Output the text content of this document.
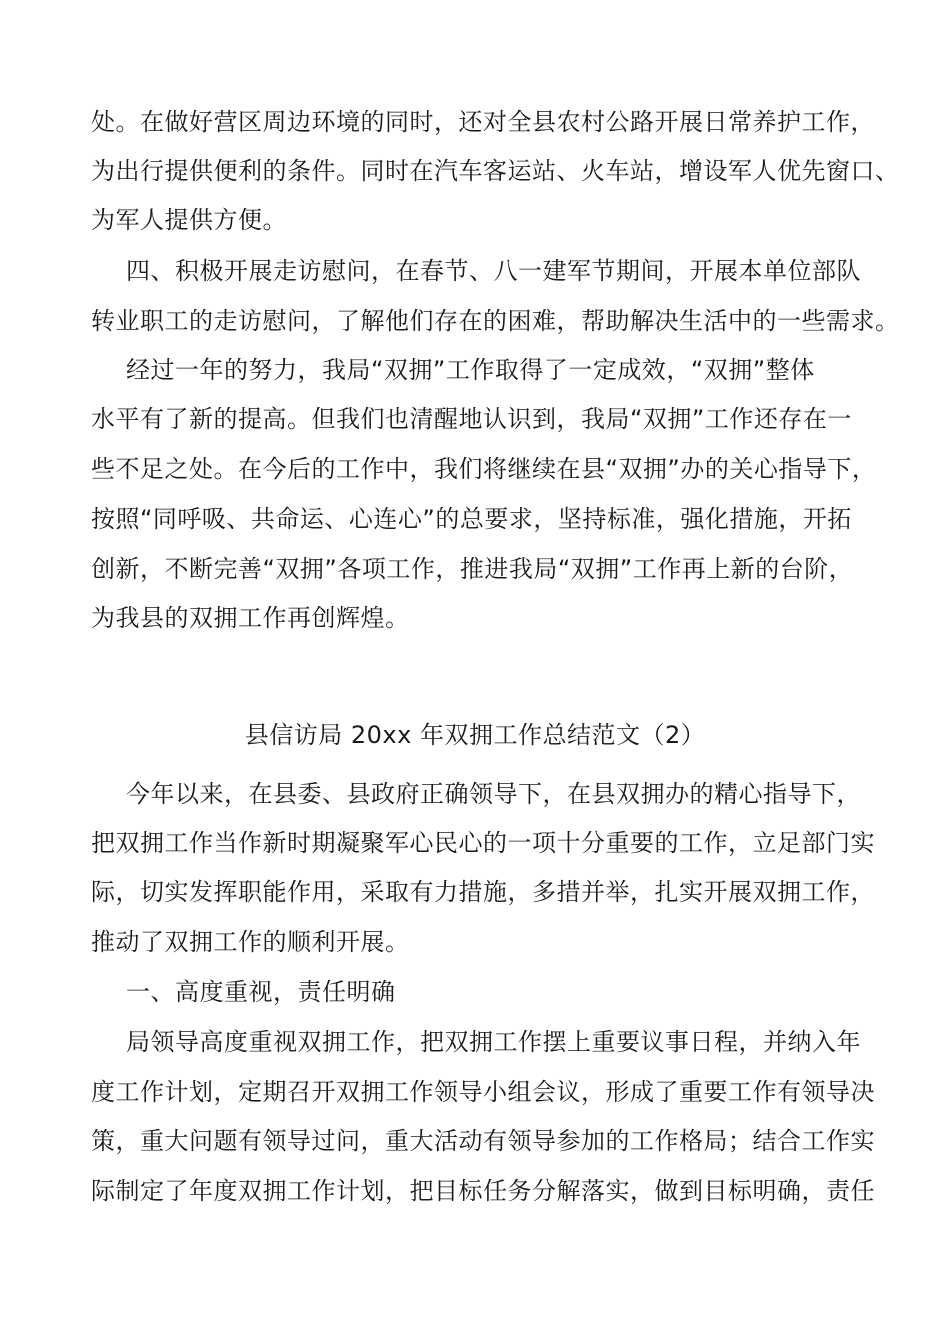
处。在做好营区周边环境的同时，还对全县农村公路开展日常养护工作，
为出行提供便利的条件。同时在汽车客运站、火车站，增设军人优先窗口、
为军人提供方便。
四、积极开展走访慰问，在春节、八一建军节期间，开展本单位部队
转业职工的走访慰问，了解他们存在的困难，帮助解决生活中的一些需求。
经过一年的努力，我局“双拥”工作取得了一定成效，“双拥”整体
水平有了新的提高。但我们也清醒地认识到，我局“双拥”工作还存在一
些不足之处。在今后的工作中，我们将继续在县“双拥”办的关心指导下，
按照“同呼吸、共命运、心连心”的总要求，坚持标准，强化措施，开拓
创新，不断完善“双拥”各项工作，推进我局“双拥”工作再上新的台阶，
为我县的双拥工作再创辉煌。
县信访局 20xx 年双拥工作总结范文（2）
今年以来，在县委、县政府正确领导下，在县双拥办的精心指导下，
把双拥工作当作新时期凝聚军心民心的一项十分重要的工作，立足部门实
际，切实发挥职能作用，采取有力措施，多措并举，扎实开展双拥工作，
推动了双拥工作的顺利开展。
一、高度重视，责任明确
局领导高度重视双拥工作，把双拥工作摆上重要议事日程，并纳入年
度工作计划，定期召开双拥工作领导小组会议，形成了重要工作有领导决
策，重大问题有领导过问，重大活动有领导参加的工作格局；结合工作实
际制定了年度双拥工作计划，把目标任务分解落实，做到目标明确，责任
